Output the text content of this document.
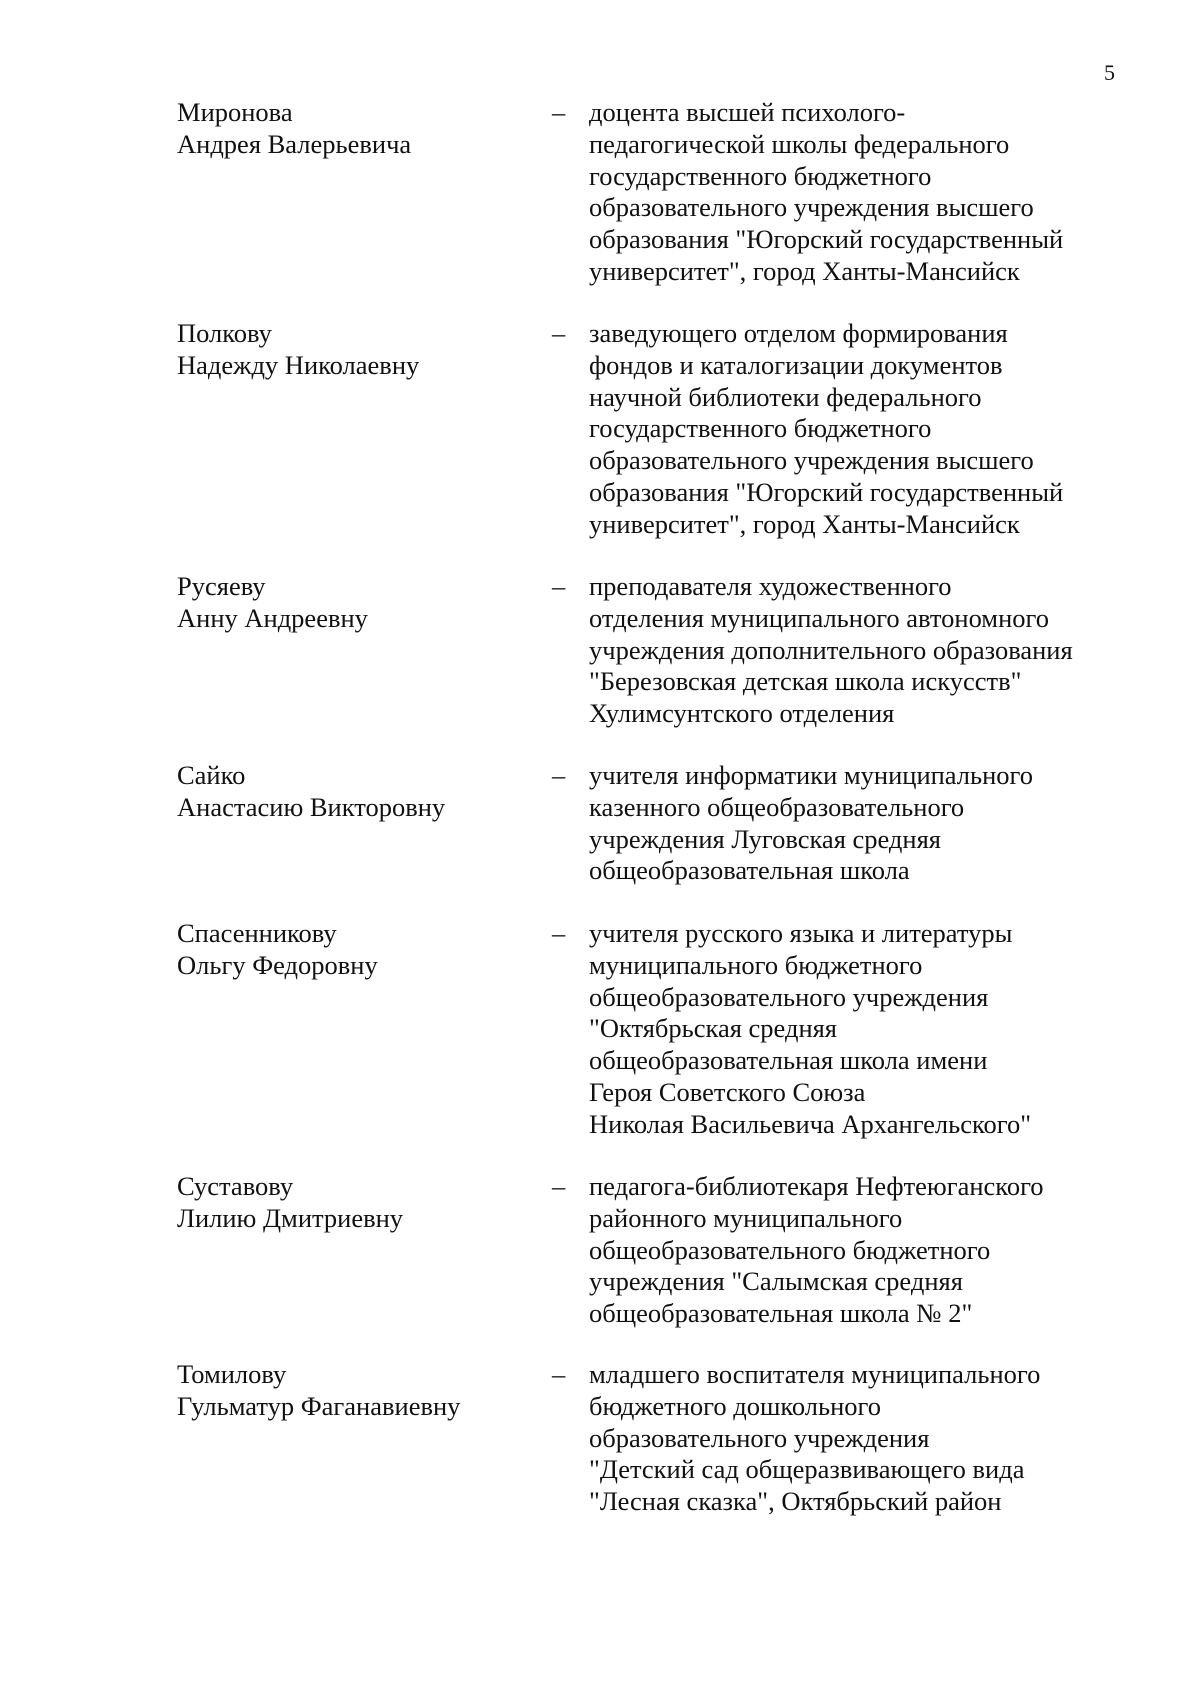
5
Миронова
Андрея Валерьевича
– доцента высшей психолого-
педагогической школы федерального
государственного бюджетного
образовательного учреждения высшего
образования "Югорский государственный
университет", город Ханты-Мансийск
Полкову
Надежду Николаевну
– заведующего отделом формирования
фондов и каталогизации документов
научной библиотеки федерального
государственного бюджетного
образовательного учреждения высшего
образования "Югорский государственный
университет", город Ханты-Мансийск
Русяеву
Анну Андреевну
– преподавателя художественного
отделения муниципального автономного
учреждения дополнительного образования
"Березовская детская школа искусств"
Хулимсунтского отделения
Сайко
Анастасию Викторовну
– учителя информатики муниципального
казенного общеобразовательного
учреждения Луговская средняя
общеобразовательная школа
Спасенникову
Ольгу Федоровну
– учителя русского языка и литературы
муниципального бюджетного
общеобразовательного учреждения
"Октябрьская средняя
общеобразовательная школа имени
Героя Советского Союза
Николая Васильевича Архангельского"
Суставову
Лилию Дмитриевну
– педагога-библиотекаря Нефтеюганского
районного муниципального
общеобразовательного бюджетного
учреждения "Салымская средняя
общеобразовательная школа № 2"
Томилову
Гульматур Фаганавиевну
– младшего воспитателя муниципального
бюджетного дошкольного
образовательного учреждения
"Детский сад общеразвивающего вида
"Лесная сказка", Октябрьский район
